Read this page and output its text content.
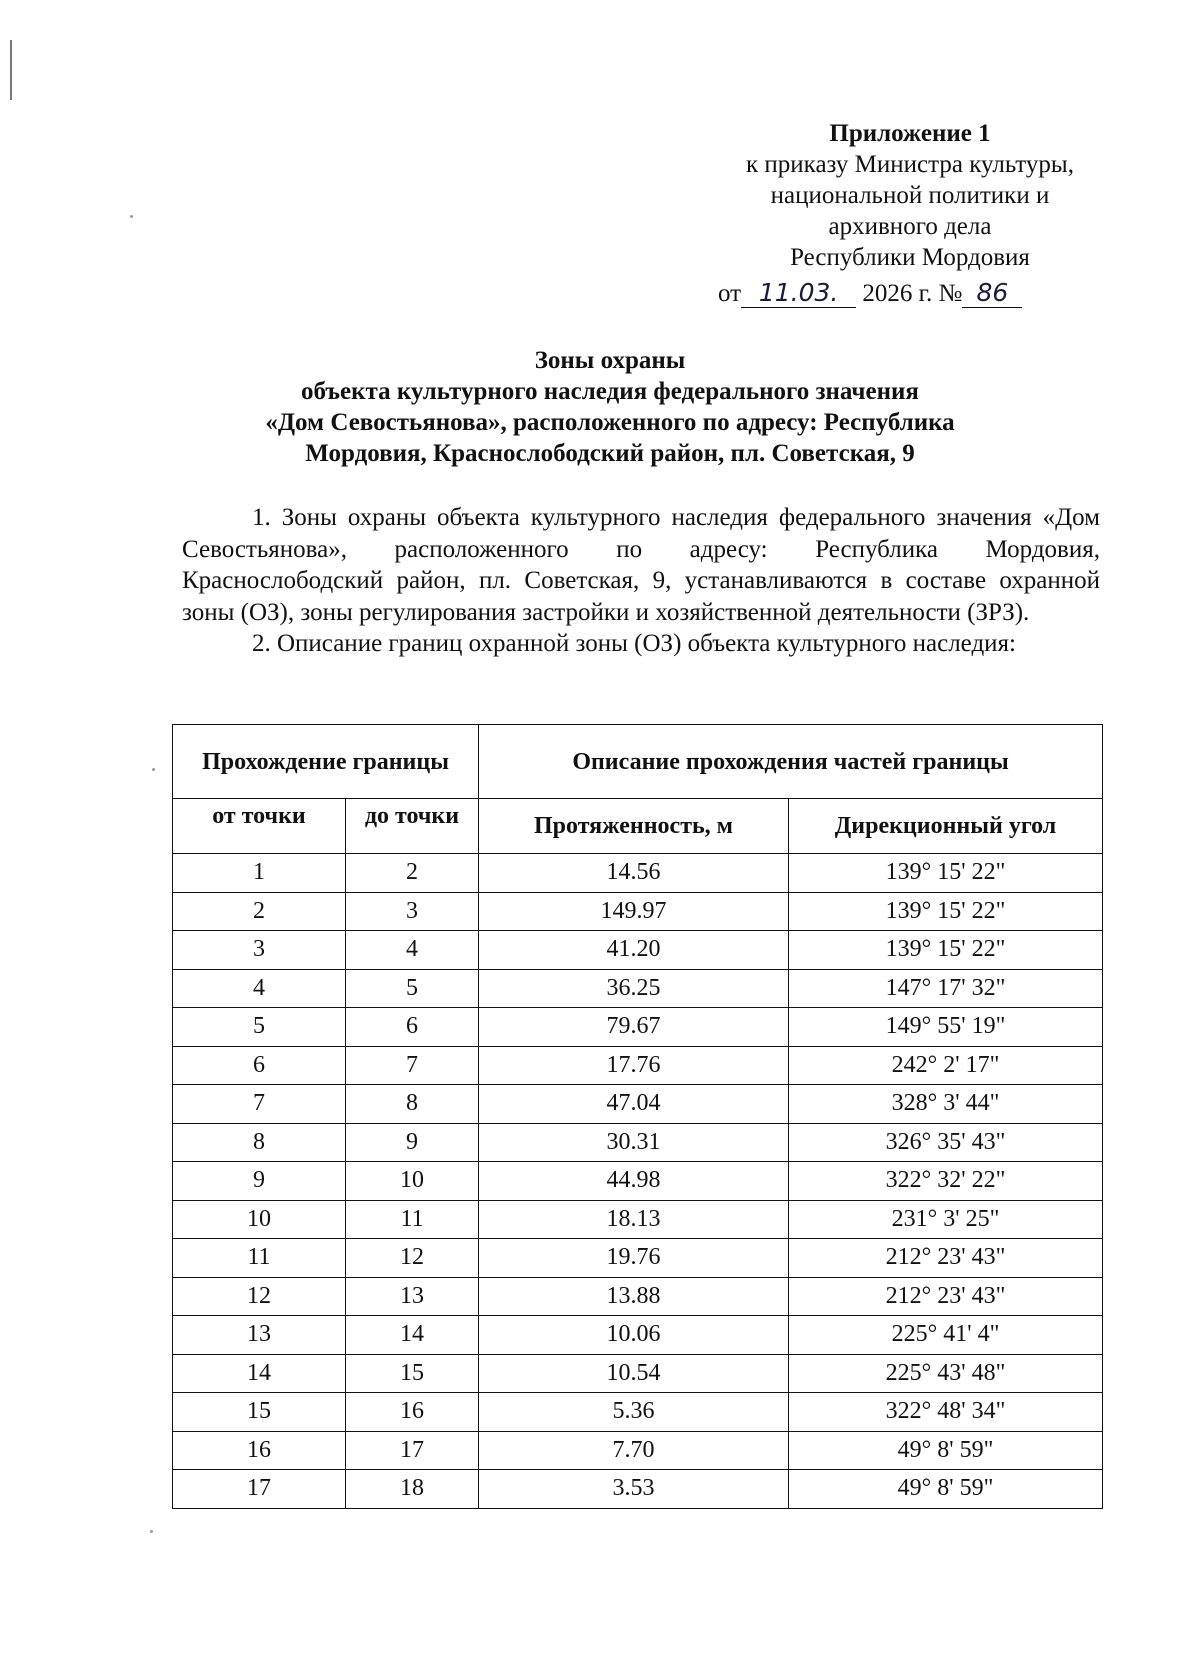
Приложение 1
к приказу Министра культуры,
национальной политики и
архивного дела
Республики Мордовия
от 11.03. 2026 г. № 86
Зоны охраны
объекта культурного наследия федерального значения
«Дом Севостьянова», расположенного по адресу: Республика
Мордовия, Краснослободский район, пл. Советская, 9

1. Зоны охраны объекта культурного наследия федерального значения «Дом Севостьянова», расположенного по адресу: Республика Мордовия, Краснослободский район, пл. Советская, 9, устанавливаются в составе охранной зоны (ОЗ), зоны регулирования застройки и хозяйственной деятельности (ЗРЗ).

2. Описание границ охранной зоны (ОЗ) объекта культурного наследия:

Прохождение границы		Описание прохождения частей границы	
от точки	до точки	Протяженность, м	Дирекционный угол
1	2	14.56	139° 15' 22"
2	3	149.97	139° 15' 22"
3	4	41.20	139° 15' 22"
4	5	36.25	147° 17' 32"
5	6	79.67	149° 55' 19"
6	7	17.76	242° 2' 17"
7	8	47.04	328° 3' 44"
8	9	30.31	326° 35' 43"
9	10	44.98	322° 32' 22"
10	11	18.13	231° 3' 25"
11	12	19.76	212° 23' 43"
12	13	13.88	212° 23' 43"
13	14	10.06	225° 41' 4"
14	15	10.54	225° 43' 48"
15	16	5.36	322° 48' 34"
16	17	7.70	49° 8' 59"
17	18	3.53	49° 8' 59"
